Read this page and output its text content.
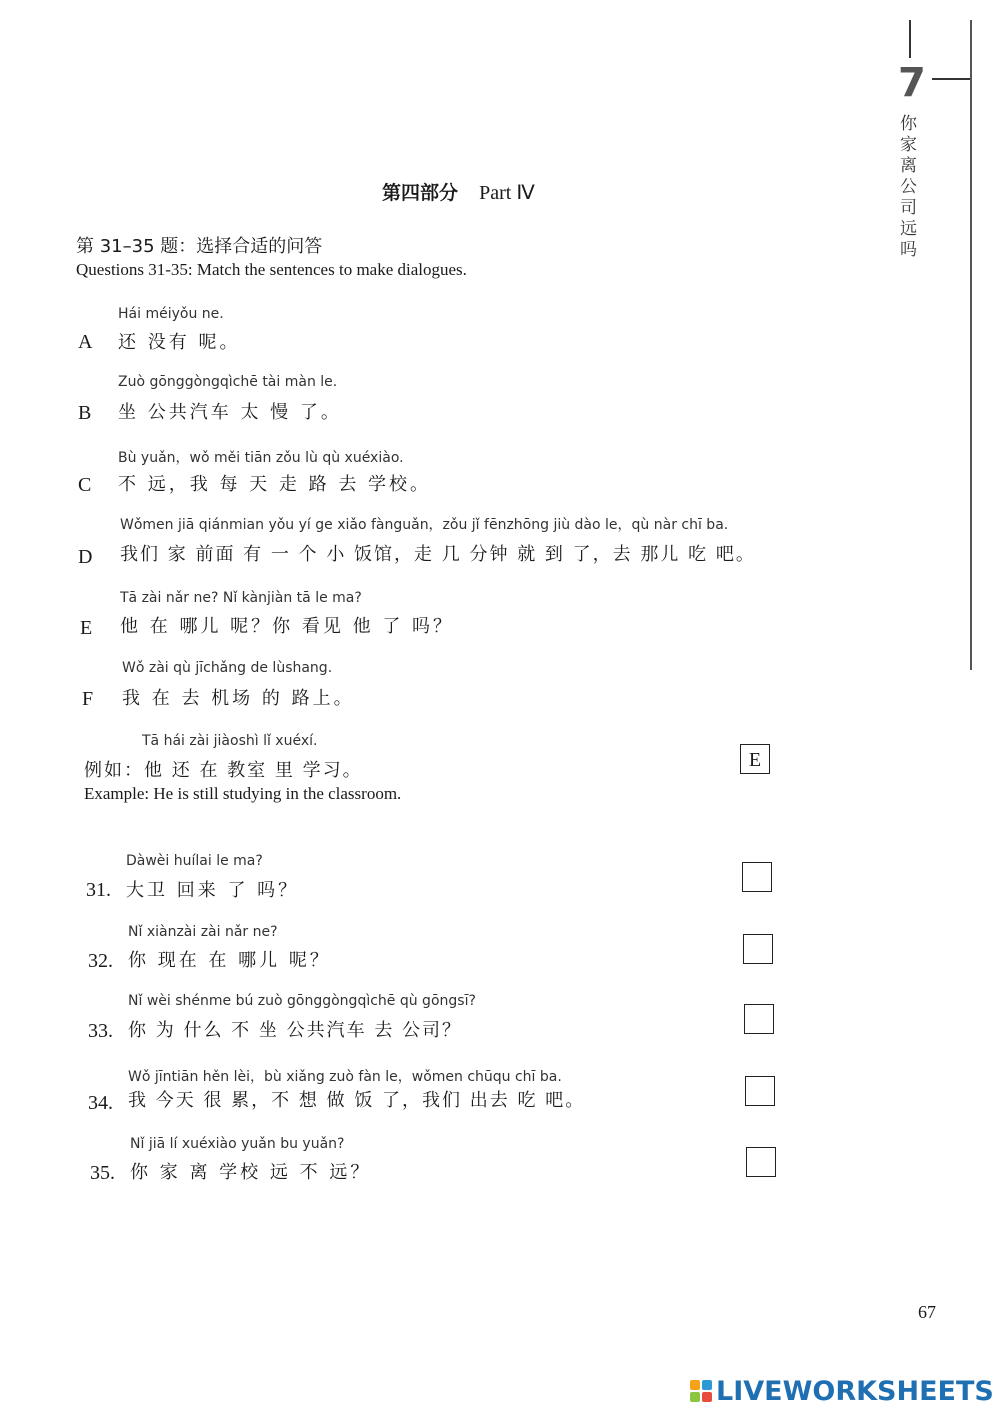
7
你家离公司远吗
第四部分 Part Ⅳ
第 31–35 题：选择合适的问答
Questions 31-35: Match the sentences to make dialogues.
Hái méiyǒu ne.
A 还 没有 呢。
Zuò gōnggòngqìchē tài màn le.
B 坐 公共汽车 太 慢 了。
Bù yuǎn，wǒ měi tiān zǒu lù qù xuéxiào.
C 不 远，我 每 天 走 路 去 学校。
Wǒmen jiā qiánmian yǒu yí ge xiǎo fànguǎn，zǒu jǐ fēnzhōng jiù dào le，qù nàr chī ba.
D 我们 家 前面 有 一 个 小 饭馆，走 几 分钟 就 到 了，去 那儿 吃 吧。
Tā zài nǎr ne? Nǐ kànjiàn tā le ma?
E 他 在 哪儿 呢？你 看见 他 了 吗？
Wǒ zài qù jīchǎng de lùshang.
F 我 在 去 机场 的 路上。
Tā hái zài jiàoshì lǐ xuéxí.
例如：他 还 在 教室 里 学习。
Example: He is still studying in the classroom.
E
Dàwèi huílai le ma?
31. 大卫 回来 了 吗？
Nǐ xiànzài zài nǎr ne?
32. 你 现在 在 哪儿 呢？
Nǐ wèi shénme bú zuò gōnggòngqìchē qù gōngsī?
33. 你 为 什么 不 坐 公共汽车 去 公司？
Wǒ jīntiān hěn lèi，bù xiǎng zuò fàn le，wǒmen chūqu chī ba.
34. 我 今天 很 累，不 想 做 饭 了，我们 出去 吃 吧。
Nǐ jiā lí xuéxiào yuǎn bu yuǎn?
35. 你 家 离 学校 远 不 远？
67
LIVEWORKSHEETS
